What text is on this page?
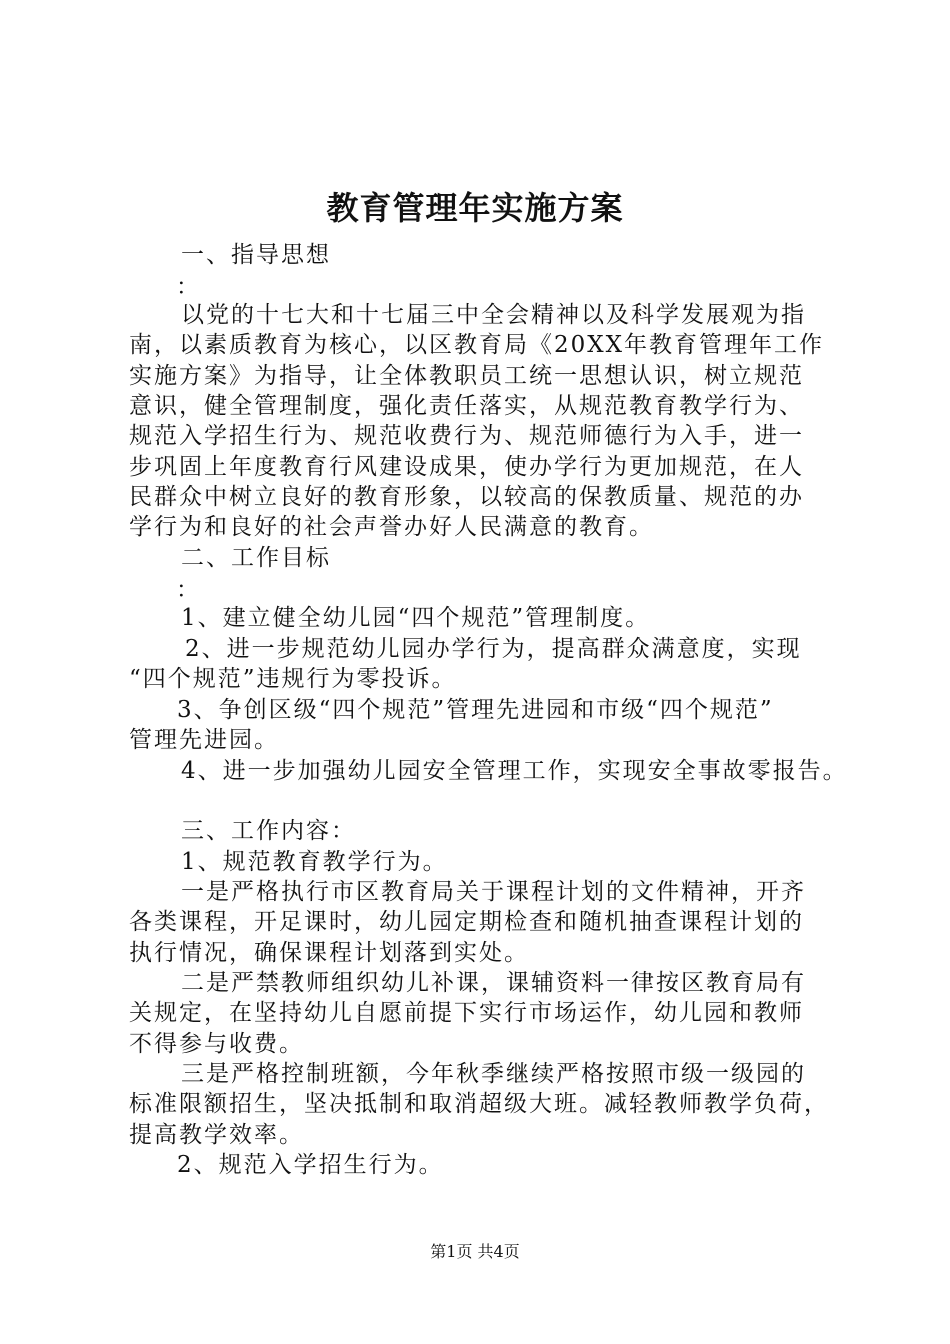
教育管理年实施方案
一、指导思想
：
以党的十七大和十七届三中全会精神以及科学发展观为指
南，以素质教育为核心，以区教育局《20XX年教育管理年工作
实施方案》为指导，让全体教职员工统一思想认识，树立规范
意识，健全管理制度，强化责任落实，从规范教育教学行为、
规范入学招生行为、规范收费行为、规范师德行为入手，进一
步巩固上年度教育行风建设成果，使办学行为更加规范，在人
民群众中树立良好的教育形象，以较高的保教质量、规范的办
学行为和良好的社会声誉办好人民满意的教育。
二、工作目标
：
1、建立健全幼儿园“四个规范”管理制度。
2、进一步规范幼儿园办学行为，提高群众满意度，实现
“四个规范”违规行为零投诉。
3、争创区级“四个规范”管理先进园和市级“四个规范”
管理先进园。
4、进一步加强幼儿园安全管理工作，实现安全事故零报告。
三、工作内容：
1、规范教育教学行为。
一是严格执行市区教育局关于课程计划的文件精神，开齐
各类课程，开足课时，幼儿园定期检查和随机抽查课程计划的
执行情况，确保课程计划落到实处。
二是严禁教师组织幼儿补课，课辅资料一律按区教育局有
关规定，在坚持幼儿自愿前提下实行市场运作，幼儿园和教师
不得参与收费。
三是严格控制班额，今年秋季继续严格按照市级一级园的
标准限额招生，坚决抵制和取消超级大班。减轻教师教学负荷，
提高教学效率。
2、规范入学招生行为。
第1页 共4页
